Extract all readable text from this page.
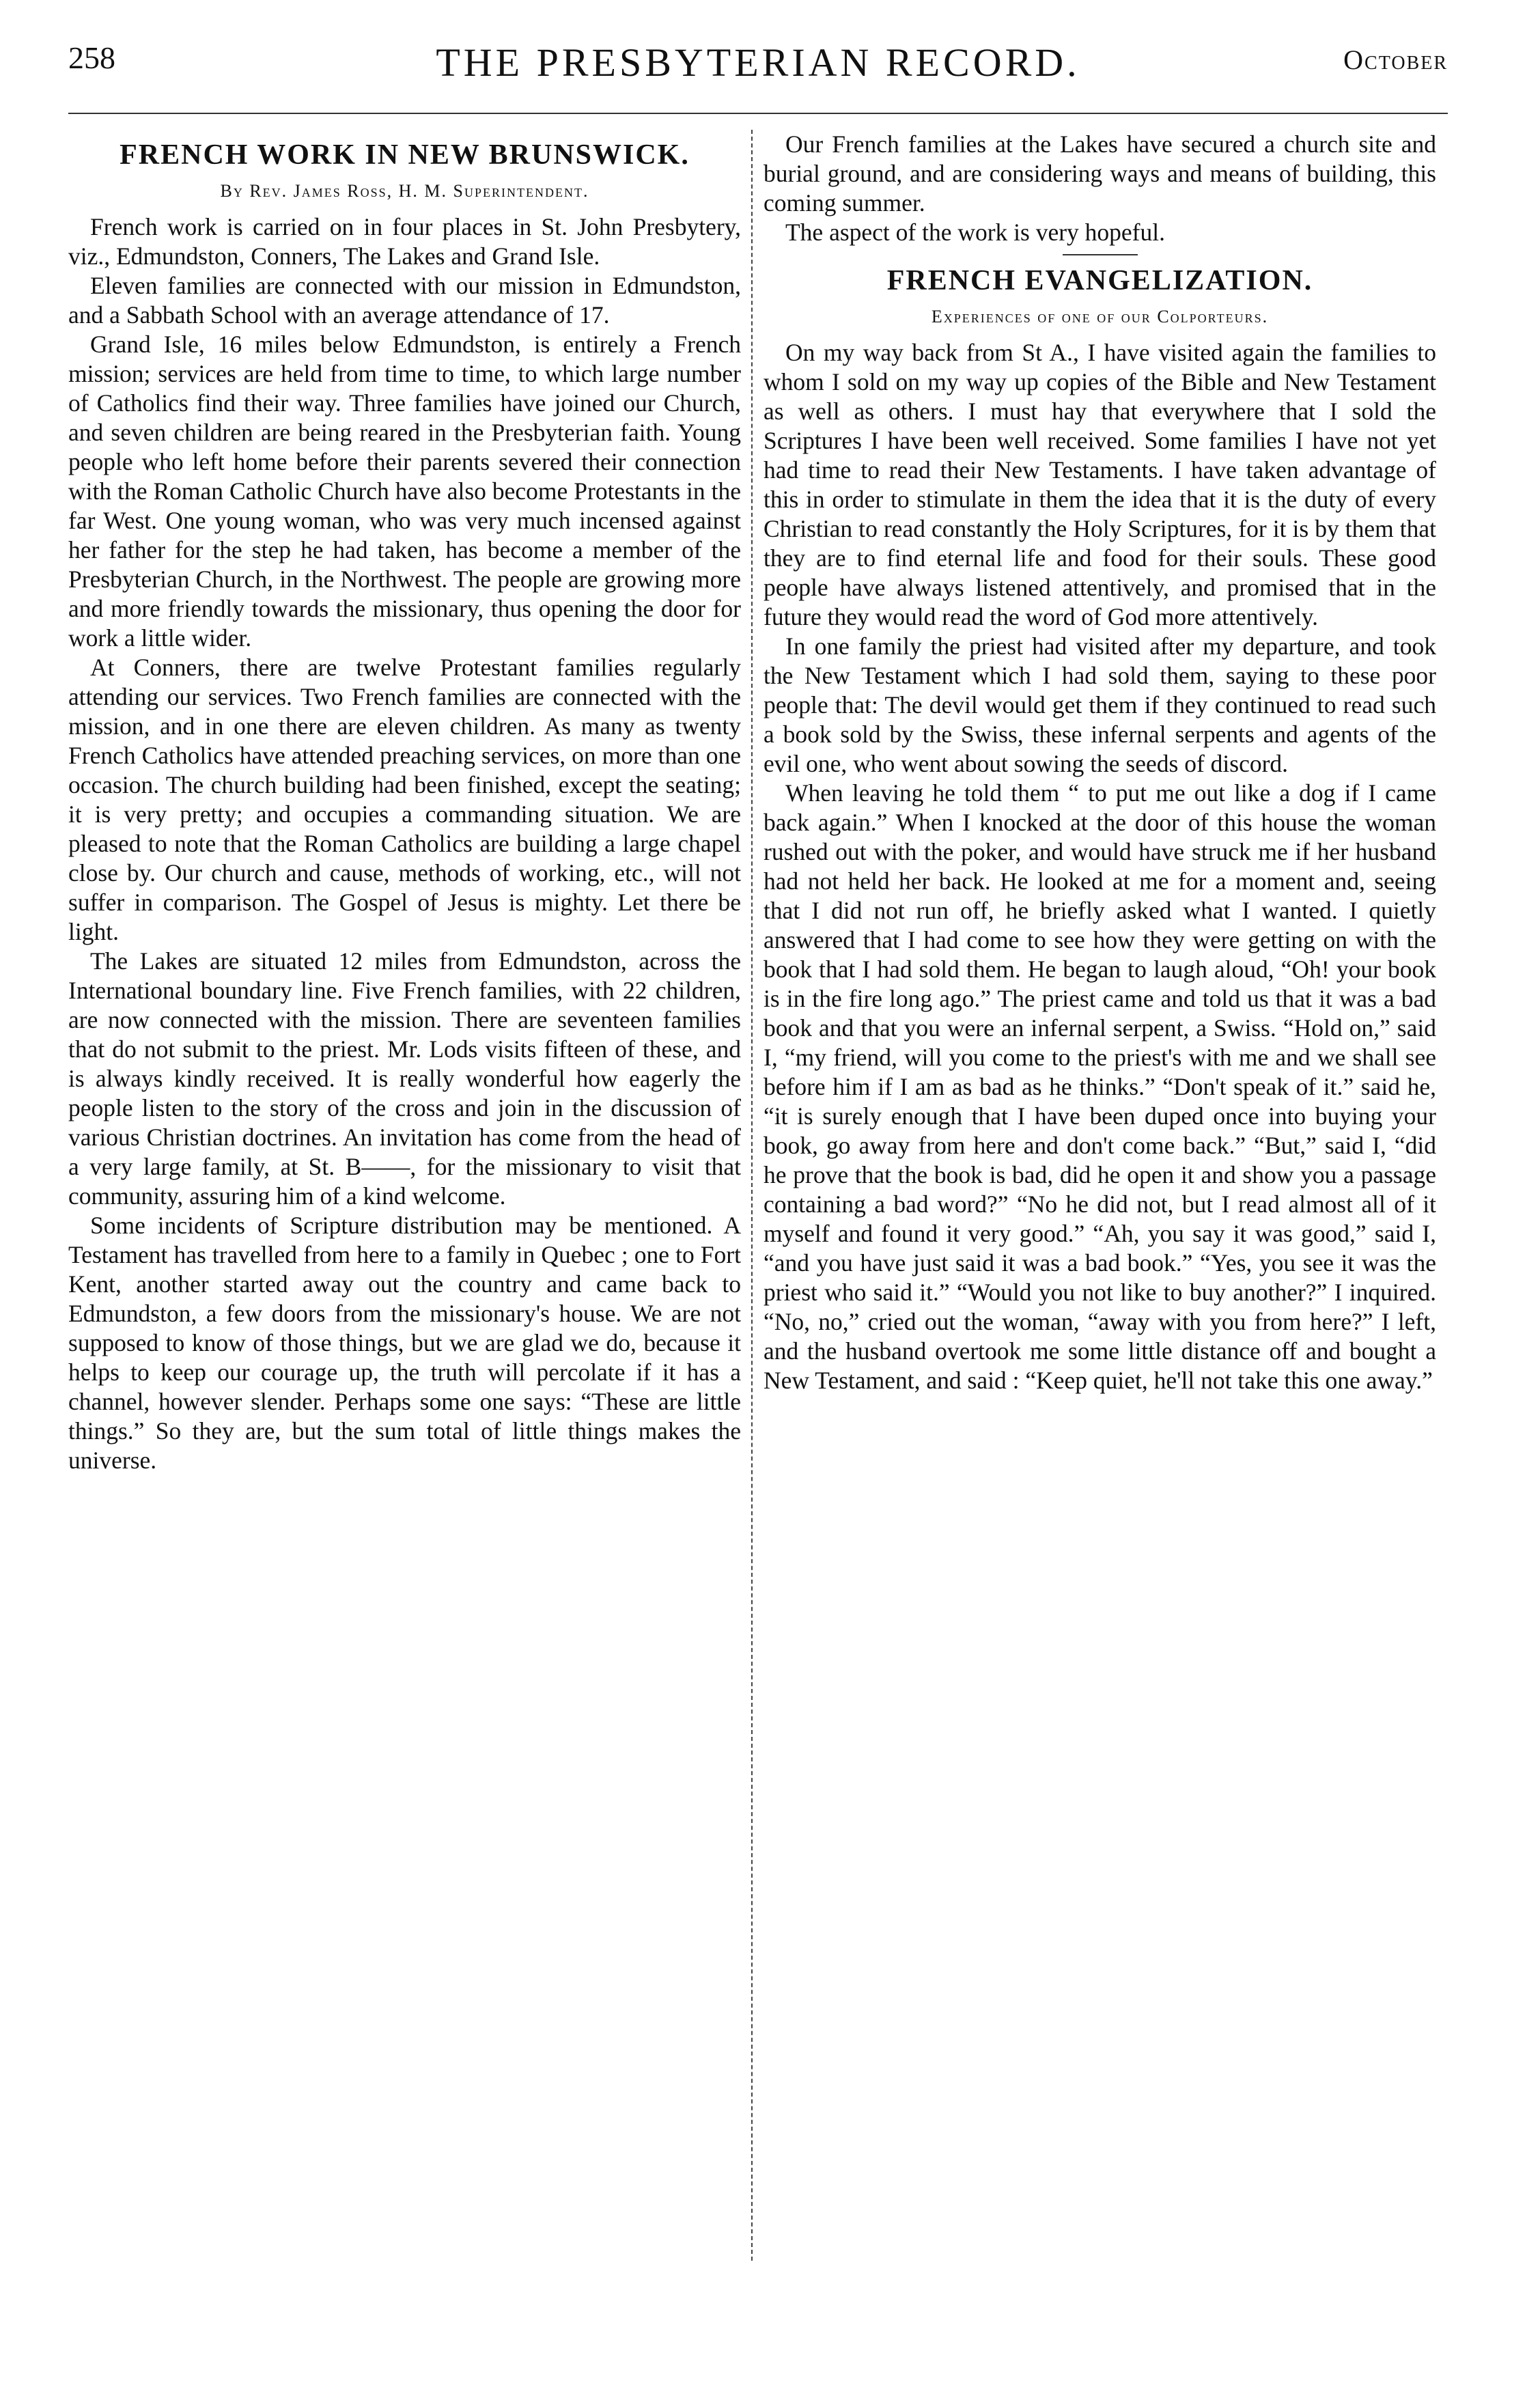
258	THE PRESBYTERIAN RECORD.	October
FRENCH WORK IN NEW BRUNSWICK.
By Rev. James Ross, H. M. Superintendent.

French work is carried on in four places in St. John Presbytery, viz., Edmundston, Conners, The Lakes and Grand Isle.

Eleven families are connected with our mission in Edmundston, and a Sabbath School with an average attendance of 17.

Grand Isle, 16 miles below Edmundston, is entirely a French mission; services are held from time to time, to which large number of Catholics find their way. Three families have joined our Church, and seven children are being reared in the Presbyterian faith. Young people who left home before their parents severed their connection with the Roman Catholic Church have also become Protestants in the far West. One young woman, who was very much incensed against her father for the step he had taken, has become a member of the Presbyterian Church, in the Northwest. The people are growing more and more friendly towards the missionary, thus opening the door for work a little wider.

At Conners, there are twelve Protestant families regularly attending our services. Two French families are connected with the mission, and in one there are eleven children. As many as twenty French Catholics have attended preaching services, on more than one occasion. The church building had been finished, except the seating; it is very pretty; and occupies a commanding situation. We are pleased to note that the Roman Catholics are building a large chapel close by. Our church and cause, methods of working, etc., will not suffer in comparison. The Gospel of Jesus is mighty. Let there be light.

The Lakes are situated 12 miles from Edmundston, across the International boundary line. Five French families, with 22 children, are now connected with the mission. There are seventeen families that do not submit to the priest. Mr. Lods visits fifteen of these, and is always kindly received. It is really wonderful how eagerly the people listen to the story of the cross and join in the discussion of various Christian doctrines. An invitation has come from the head of a very large family, at St. B——, for the missionary to visit that community, assuring him of a kind welcome.

Some incidents of Scripture distribution may be mentioned. A Testament has travelled from here to a family in Quebec ; one to Fort Kent, another started away out the country and came back to Edmundston, a few doors from the missionary's house. We are not supposed to know of those things, but we are glad we do, because it helps to keep our courage up, the truth will percolate if it has a channel, however slender. Perhaps some one says: “These are little things.” So they are, but the sum total of little things makes the universe.

Our French families at the Lakes have secured a church site and burial ground, and are considering ways and means of building, this coming summer.

The aspect of the work is very hopeful.

FRENCH EVANGELIZATION.
Experiences of one of our Colporteurs.

On my way back from St A., I have visited again the families to whom I sold on my way up copies of the Bible and New Testament as well as others. I must hay that everywhere that I sold the Scriptures I have been well received. Some families I have not yet had time to read their New Testaments. I have taken advantage of this in order to stimulate in them the idea that it is the duty of every Christian to read constantly the Holy Scriptures, for it is by them that they are to find eternal life and food for their souls. These good people have always listened attentively, and promised that in the future they would read the word of God more attentively.

In one family the priest had visited after my departure, and took the New Testament which I had sold them, saying to these poor people that: The devil would get them if they continued to read such a book sold by the Swiss, these infernal serpents and agents of the evil one, who went about sowing the seeds of discord.

When leaving he told them “ to put me out like a dog if I came back again.” When I knocked at the door of this house the woman rushed out with the poker, and would have struck me if her husband had not held her back. He looked at me for a moment and, seeing that I did not run off, he briefly asked what I wanted. I quietly answered that I had come to see how they were getting on with the book that I had sold them. He began to laugh aloud, “Oh! your book is in the fire long ago.” The priest came and told us that it was a bad book and that you were an infernal serpent, a Swiss. “Hold on,” said I, “my friend, will you come to the priest's with me and we shall see before him if I am as bad as he thinks.” “Don't speak of it.” said he, “it is surely enough that I have been duped once into buying your book, go away from here and don't come back.” “But,” said I, “did he prove that the book is bad, did he open it and show you a passage containing a bad word?” “No he did not, but I read almost all of it myself and found it very good.” “Ah, you say it was good,” said I, “and you have just said it was a bad book.” “Yes, you see it was the priest who said it.” “Would you not like to buy another?” I inquired. “No, no,” cried out the woman, “away with you from here?” I left, and the husband overtook me some little distance off and bought a New Testament, and said : “Keep quiet, he'll not take this one away.”
